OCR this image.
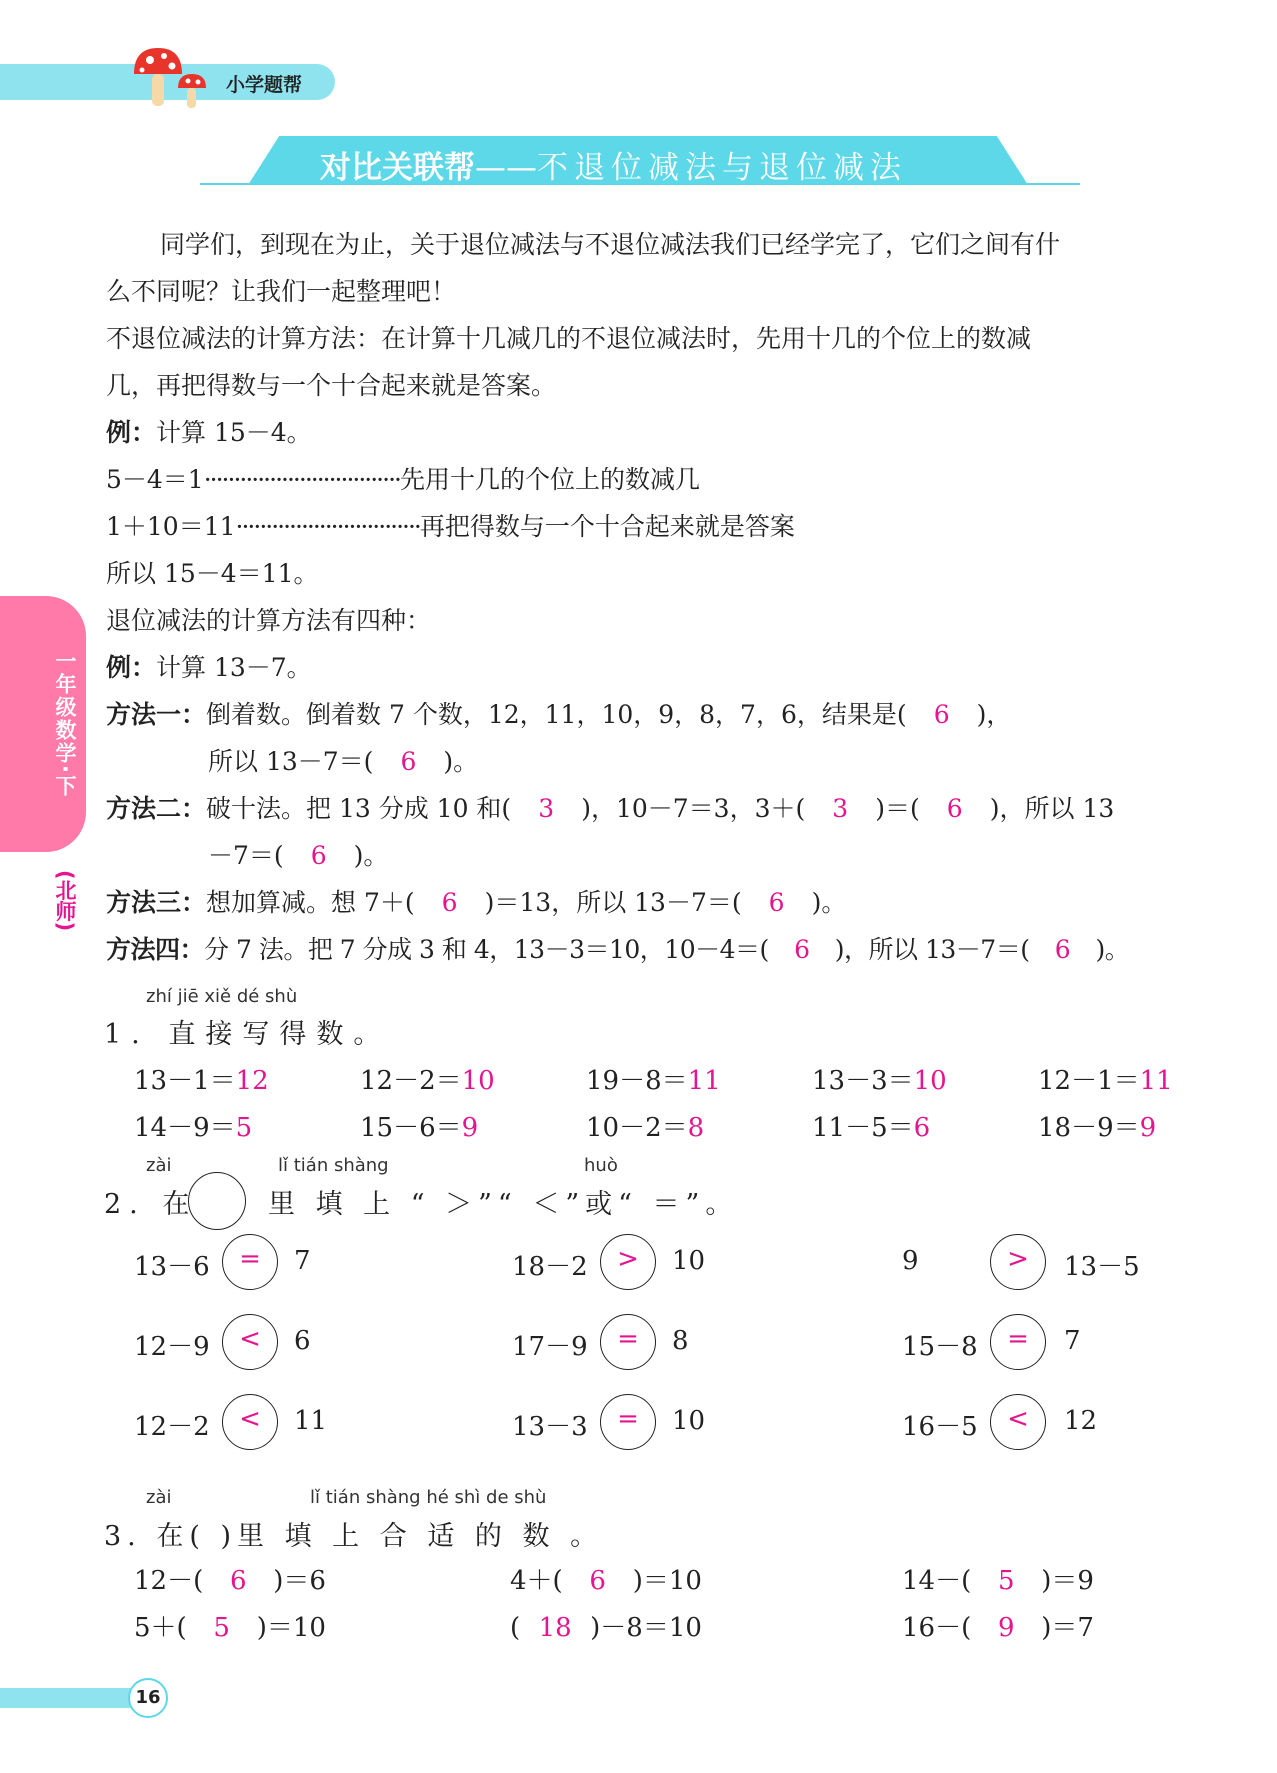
小学题帮
对比关联帮——不退位减法与退位减法
同学们，到现在为止，关于退位减法与不退位减法我们已经学完了，它们之间有什
么不同呢？让我们一起整理吧！
不退位减法的计算方法：在计算十几减几的不退位减法时，先用十几的个位上的数减
几，再把得数与一个十合起来就是答案。
例：计算 15－4。
5－4＝1·································先用十几的个位上的数减几
1＋10＝11·······························再把得数与一个十合起来就是答案
所以 15－4＝11。
退位减法的计算方法有四种：
例：计算 13－7。
方法一：倒着数。倒着数 7 个数，12，11，10，9，8，7，6，结果是( 6 )，
所以 13－7＝( 6 )。
方法二：破十法。把 13 分成 10 和( 3 )，10－7＝3，3＋( 3 )＝( 6 )，所以 13
－7＝( 6 )。
方法三：想加算减。想 7＋( 6 )＝13，所以 13－7＝( 6 )。
方法四：分 7 法。把 7 分成 3 和 4，13－3＝10，10－4＝( 6 )，所以 13－7＝( 6 )。
zhí jiē xiě dé shù
1. 直接写得数。
13－1＝12	12－2＝10	19－8＝11	13－3＝10	12－1＝11
14－9＝5	15－6＝9	10－2＝8	11－5＝6	18－9＝9
zài	lǐ tián shàng	huò
2. 在	里 填 上 “ ＞”“ ＜”或“ ＝”。
13－6	=	7	18－2	>	10	9	>	13－5
12－9	<	6	17－9	=	8	15－8	=	7
12－2	<	11	13－3	=	10	16－5	<	12
zài	lǐ tián shàng hé shì de shù
3. 在( )里 填 上 合 适 的 数 。
12－( 6 )＝6	4＋( 6 )＝10	14－( 5 )＝9
5＋( 5 )＝10	( 18 )－8＝10	16－( 9 )＝7
一年级数学·下
(北师)
16
